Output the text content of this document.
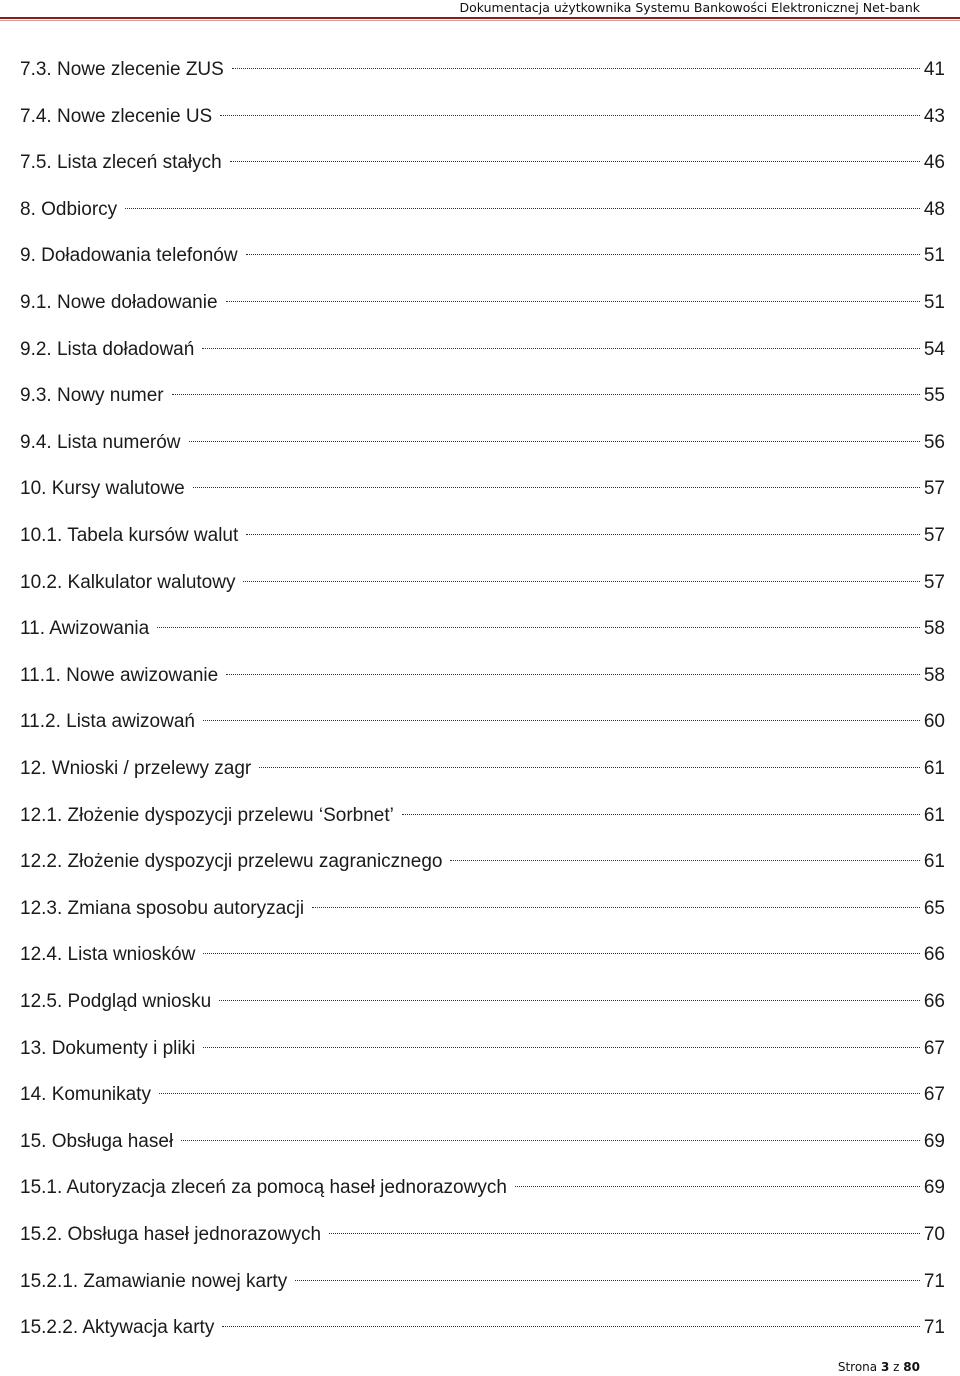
Dokumentacja użytkownika Systemu Bankowości Elektronicznej Net-bank
7.3. Nowe zlecenie ZUS	41
7.4. Nowe zlecenie US	43
7.5. Lista zleceń stałych	46
8. Odbiorcy	48
9. Doładowania telefonów	51
9.1. Nowe doładowanie	51
9.2. Lista doładowań	54
9.3. Nowy numer	55
9.4. Lista numerów	56
10. Kursy walutowe	57
10.1. Tabela kursów walut	57
10.2. Kalkulator walutowy	57
11. Awizowania	58
11.1. Nowe awizowanie	58
11.2. Lista awizowań	60
12. Wnioski / przelewy zagr	61
12.1. Złożenie dyspozycji przelewu ‘Sorbnet’	61
12.2. Złożenie dyspozycji przelewu zagranicznego	61
12.3. Zmiana sposobu autoryzacji	65
12.4. Lista wniosków	66
12.5. Podgląd wniosku	66
13. Dokumenty i pliki	67
14. Komunikaty	67
15. Obsługa haseł	69
15.1. Autoryzacja zleceń za pomocą haseł jednorazowych	69
15.2. Obsługa haseł jednorazowych	70
15.2.1. Zamawianie nowej karty	71
15.2.2. Aktywacja karty	71
Strona 3 z 80
